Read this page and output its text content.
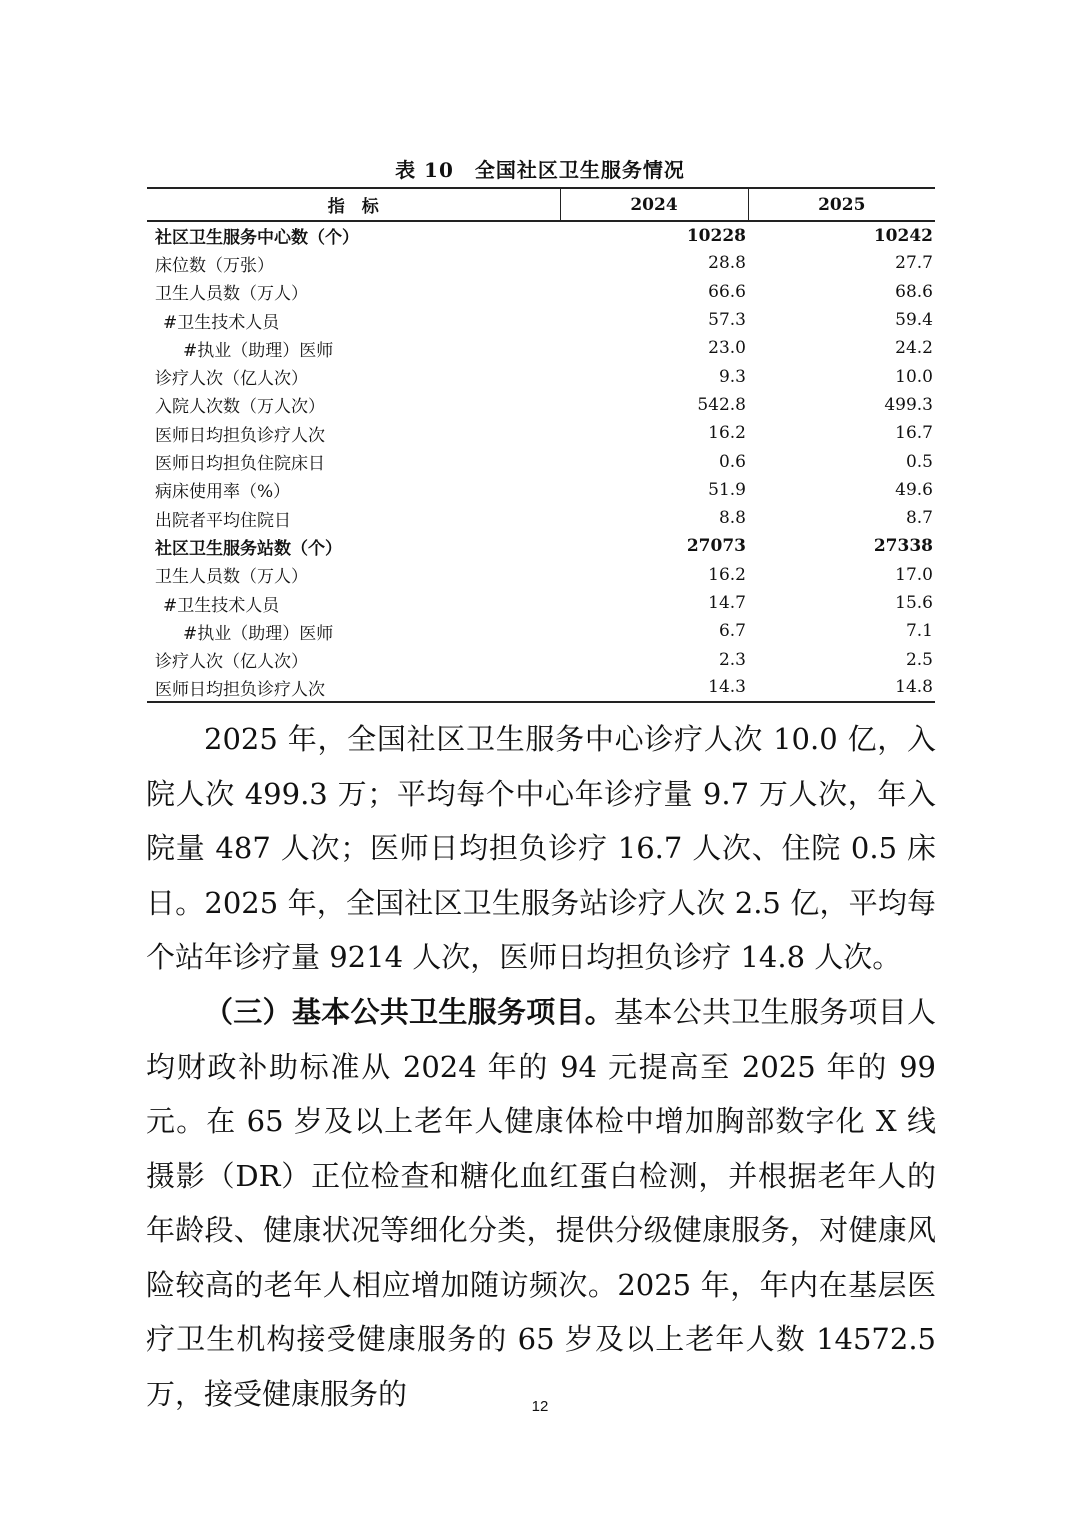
表 10　全国社区卫生服务情况
指　标	2024	2025
社区卫生服务中心数（个）	10228	10242
床位数（万张）	28.8	27.7
卫生人员数（万人）	66.6	68.6
#卫生技术人员	57.3	59.4
#执业（助理）医师	23.0	24.2
诊疗人次（亿人次）	9.3	10.0
入院人次数（万人次）	542.8	499.3
医师日均担负诊疗人次	16.2	16.7
医师日均担负住院床日	0.6	0.5
病床使用率（%）	51.9	49.6
出院者平均住院日	8.8	8.7
社区卫生服务站数（个）	27073	27338
卫生人员数（万人）	16.2	17.0
#卫生技术人员	14.7	15.6
#执业（助理）医师	6.7	7.1
诊疗人次（亿人次）	2.3	2.5
医师日均担负诊疗人次	14.3	14.8

2025 年，全国社区卫生服务中心诊疗人次 10.0 亿，入院人次 499.3 万；平均每个中心年诊疗量 9.7 万人次，年入院量 487 人次；医师日均担负诊疗 16.7 人次、住院 0.5 床日。2025 年，全国社区卫生服务站诊疗人次 2.5 亿，平均每个站年诊疗量 9214 人次，医师日均担负诊疗 14.8 人次。

（三）基本公共卫生服务项目。基本公共卫生服务项目人均财政补助标准从 2024 年的 94 元提高至 2025 年的 99 元。在 65 岁及以上老年人健康体检中增加胸部数字化 X 线摄影（DR）正位检查和糖化血红蛋白检测，并根据老年人的年龄段、健康状况等细化分类，提供分级健康服务，对健康风险较高的老年人相应增加随访频次。2025 年，年内在基层医疗卫生机构接受健康服务的 65 岁及以上老年人数 14572.5 万，接受健康服务的	12
